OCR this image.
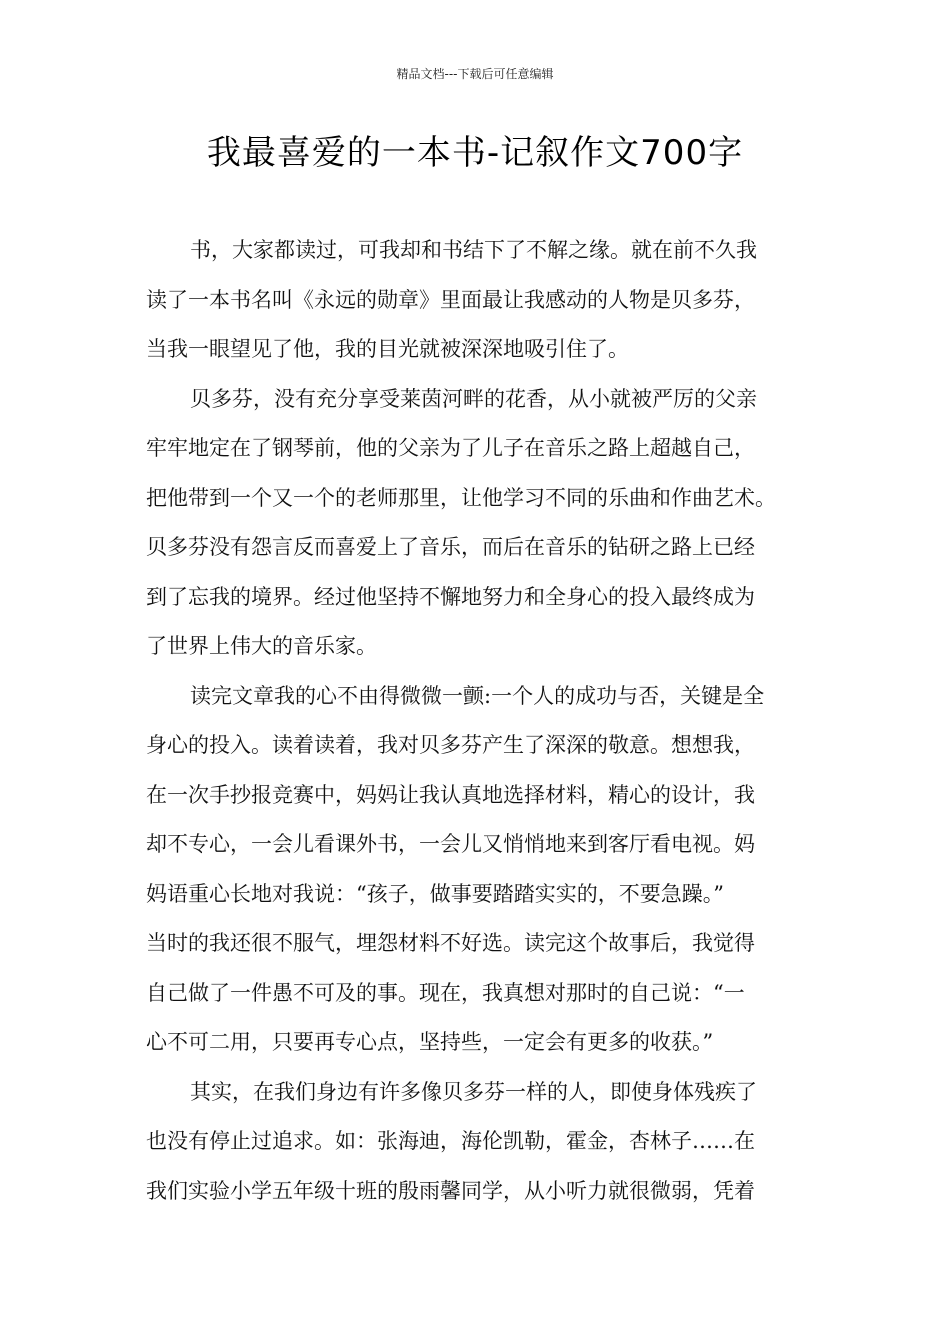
精品文档---下载后可任意编辑
我最喜爱的一本书-记叙作文700字
书，大家都读过，可我却和书结下了不解之缘。就在前不久我
读了一本书名叫《永远的勋章》里面最让我感动的人物是贝多芬，
当我一眼望见了他，我的目光就被深深地吸引住了。
贝多芬，没有充分享受莱茵河畔的花香，从小就被严厉的父亲
牢牢地定在了钢琴前，他的父亲为了儿子在音乐之路上超越自己，
把他带到一个又一个的老师那里，让他学习不同的乐曲和作曲艺术。
贝多芬没有怨言反而喜爱上了音乐，而后在音乐的钻研之路上已经
到了忘我的境界。经过他坚持不懈地努力和全身心的投入最终成为
了世界上伟大的音乐家。
读完文章我的心不由得微微一颤:一个人的成功与否，关键是全
身心的投入。读着读着，我对贝多芬产生了深深的敬意。想想我，
在一次手抄报竞赛中，妈妈让我认真地选择材料，精心的设计，我
却不专心，一会儿看课外书，一会儿又悄悄地来到客厅看电视。妈
妈语重心长地对我说：“孩子，做事要踏踏实实的，不要急躁。”
当时的我还很不服气，埋怨材料不好选。读完这个故事后，我觉得
自己做了一件愚不可及的事。现在，我真想对那时的自己说：“一
心不可二用，只要再专心点，坚持些，一定会有更多的收获。”
其实，在我们身边有许多像贝多芬一样的人，即使身体残疾了
也没有停止过追求。如：张海迪，海伦凯勒，霍金，杏林子……在
我们实验小学五年级十班的殷雨馨同学，从小听力就很微弱，凭着
